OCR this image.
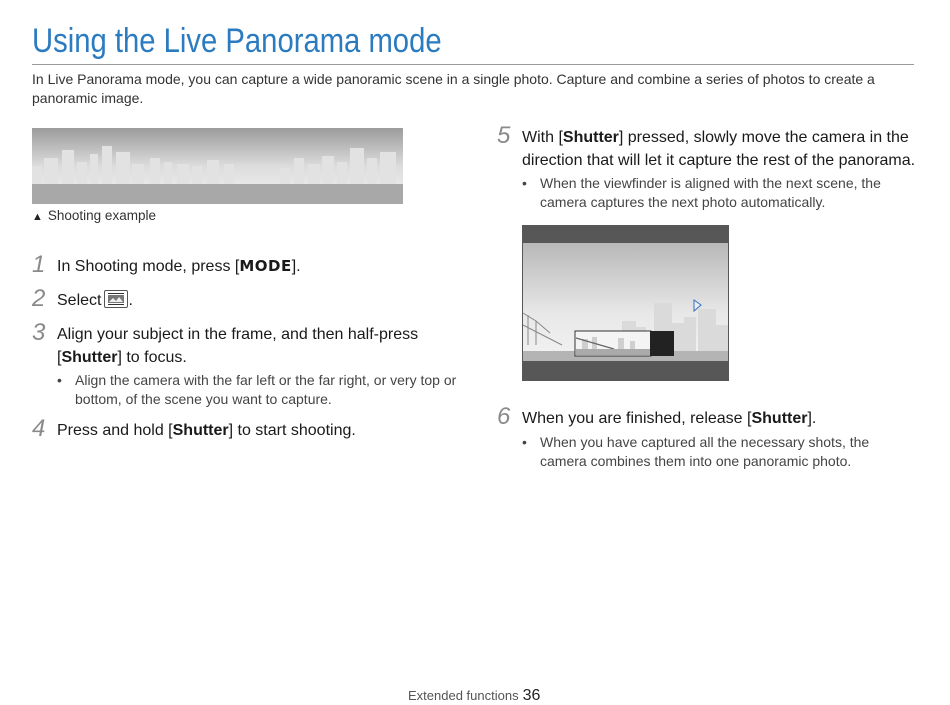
Using the Live Panorama mode

In Live Panorama mode, you can capture a wide panoramic scene in a single photo. Capture and combine a series of photos to create a panoramic image.

▲ Shooting example
1 In Shooting mode, press [MODE].
2 Select .
3 Align your subject in the frame, and then half-press
[Shutter] to focus.
• Align the camera with the far left or the far right, or very top or bottom, of the scene you want to capture.
4 Press and hold [Shutter] to start shooting.
5 With [Shutter] pressed, slowly move the camera in the
direction that will let it capture the rest of the panorama.
• When the viewfinder is aligned with the next scene, the camera captures the next photo automatically.
6 When you are finished, release [Shutter].
• When you have captured all the necessary shots, the camera combines them into one panoramic photo.
Extended functions 36
